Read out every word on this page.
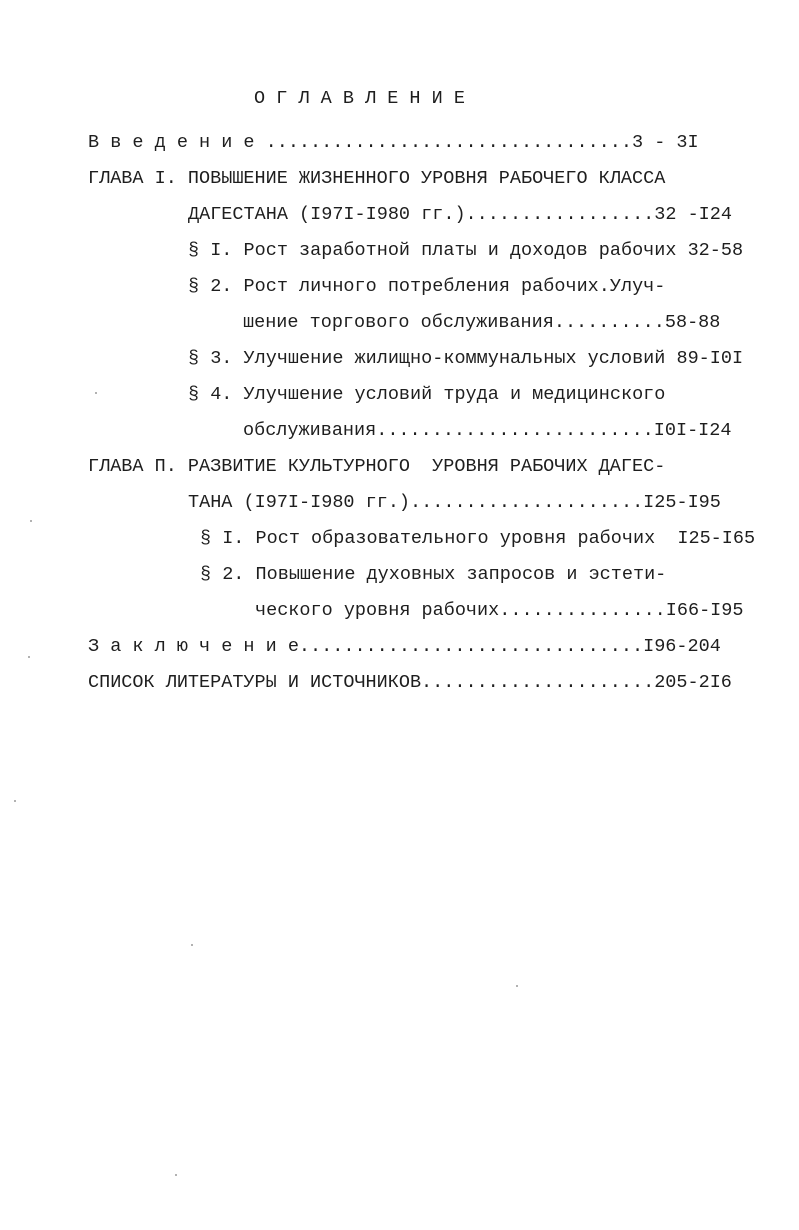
О Г Л А В Л Е Н И Е
В в е д е н и е .................................3 - 3I
ГЛАВА I. ПОВЫШЕНИЕ ЖИЗНЕННОГО УРОВНЯ РАБОЧЕГО КЛАССА
ДАГЕСТАНА (I97I-I980 гг.).................32 -I24
§ I. Рост заработной платы и доходов рабочих 32-58
§ 2. Рост личного потребления рабочих.Улуч-
шение торгового обслуживания..........58-88
§ 3. Улучшение жилищно-коммунальных условий 89-I0I
§ 4. Улучшение условий труда и медицинского
обслуживания.........................I0I-I24
ГЛАВА П. РАЗВИТИЕ КУЛЬТУРНОГО  УРОВНЯ РАБОЧИХ ДАГЕС-
ТАНА (I97I-I980 гг.).....................I25-I95
§ I. Рост образовательного уровня рабочих  I25-I65
§ 2. Повышение духовных запросов и эстети-
ческого уровня рабочих...............I66-I95
З а к л ю ч е н и е...............................I96-204
СПИСОК ЛИТЕРАТУРЫ И ИСТОЧНИКОВ.....................205-2I6
